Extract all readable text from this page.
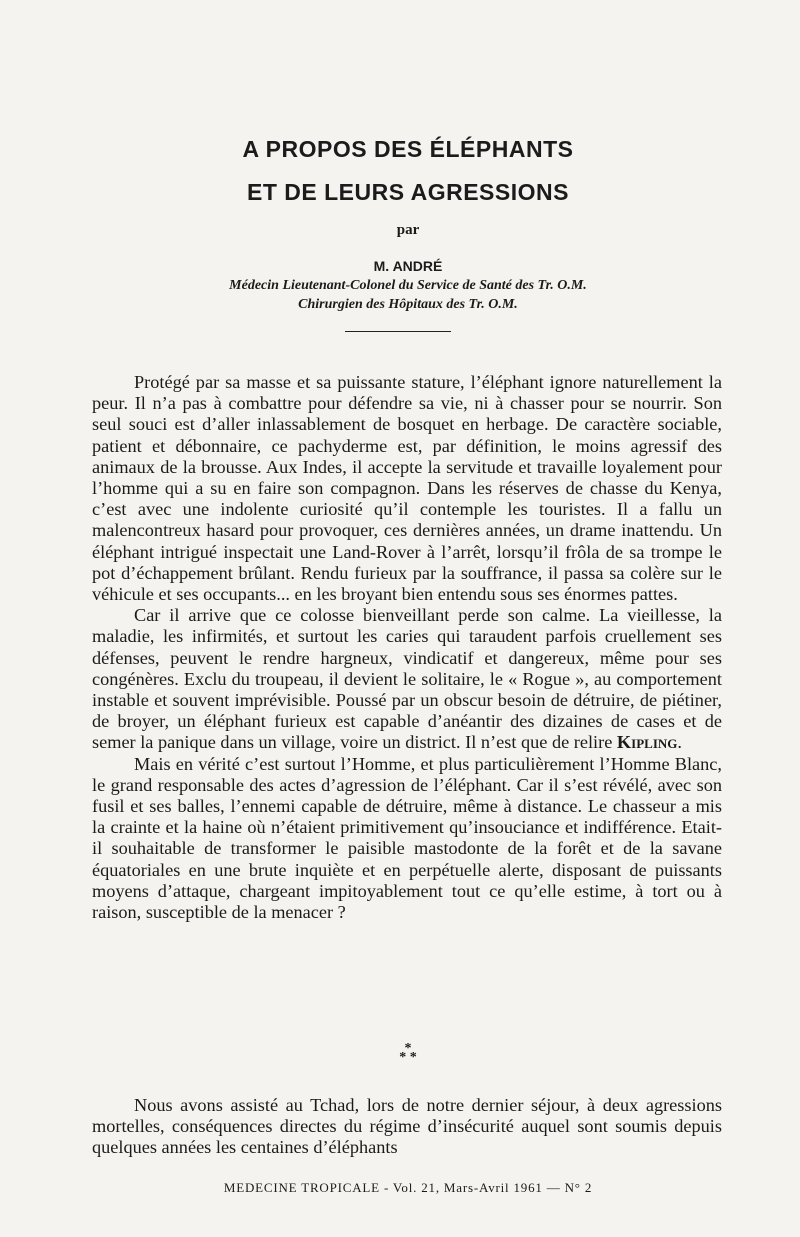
A PROPOS DES ÉLÉPHANTS
ET DE LEURS AGRESSIONS
par
M. ANDRÉ
Médecin Lieutenant-Colonel du Service de Santé des Tr. O.M.
Chirurgien des Hôpitaux des Tr. O.M.

Protégé par sa masse et sa puissante stature, l’éléphant ignore naturellement la peur. Il n’a pas à combattre pour défendre sa vie, ni à chasser pour se nourrir. Son seul souci est d’aller inlassablement de bosquet en herbage. De caractère sociable, patient et débonnaire, ce pachyderme est, par définition, le moins agressif des animaux de la brousse. Aux Indes, il accepte la servitude et travaille loyalement pour l’homme qui a su en faire son compagnon. Dans les réserves de chasse du Kenya, c’est avec une indolente curiosité qu’il contemple les touristes. Il a fallu un malencontreux hasard pour provoquer, ces dernières années, un drame inattendu. Un éléphant intrigué inspectait une Land-Rover à l’arrêt, lorsqu’il frôla de sa trompe le pot d’échappement brûlant. Rendu furieux par la souffrance, il passa sa colère sur le véhicule et ses occupants... en les broyant bien entendu sous ses énormes pattes.

Car il arrive que ce colosse bienveillant perde son calme. La vieillesse, la maladie, les infirmités, et surtout les caries qui taraudent parfois cruellement ses défenses, peuvent le rendre hargneux, vindicatif et dangereux, même pour ses congénères. Exclu du troupeau, il devient le solitaire, le « Rogue », au comportement instable et souvent imprévisible. Poussé par un obscur besoin de détruire, de piétiner, de broyer, un éléphant furieux est capable d’anéantir des dizaines de cases et de semer la panique dans un village, voire un district. Il n’est que de relire Kipling.

Mais en vérité c’est surtout l’Homme, et plus particulièrement l’Homme Blanc, le grand responsable des actes d’agression de l’éléphant. Car il s’est révélé, avec son fusil et ses balles, l’ennemi capable de détruire, même à distance. Le chasseur a mis la crainte et la haine où n’étaient primitivement qu’insouciance et indifférence. Etait-il souhaitable de transformer le paisible mastodonte de la forêt et de la savane équatoriales en une brute inquiète et en perpétuelle alerte, disposant de puissants moyens d’attaque, chargeant impitoyablement tout ce qu’elle estime, à tort ou à raison, susceptible de la menacer ?

*
* *

Nous avons assisté au Tchad, lors de notre dernier séjour, à deux agressions mortelles, conséquences directes du régime d’insécurité auquel sont soumis depuis quelques années les centaines d’éléphants

MEDECINE TROPICALE - Vol. 21, Mars-Avril 1961 — N° 2
